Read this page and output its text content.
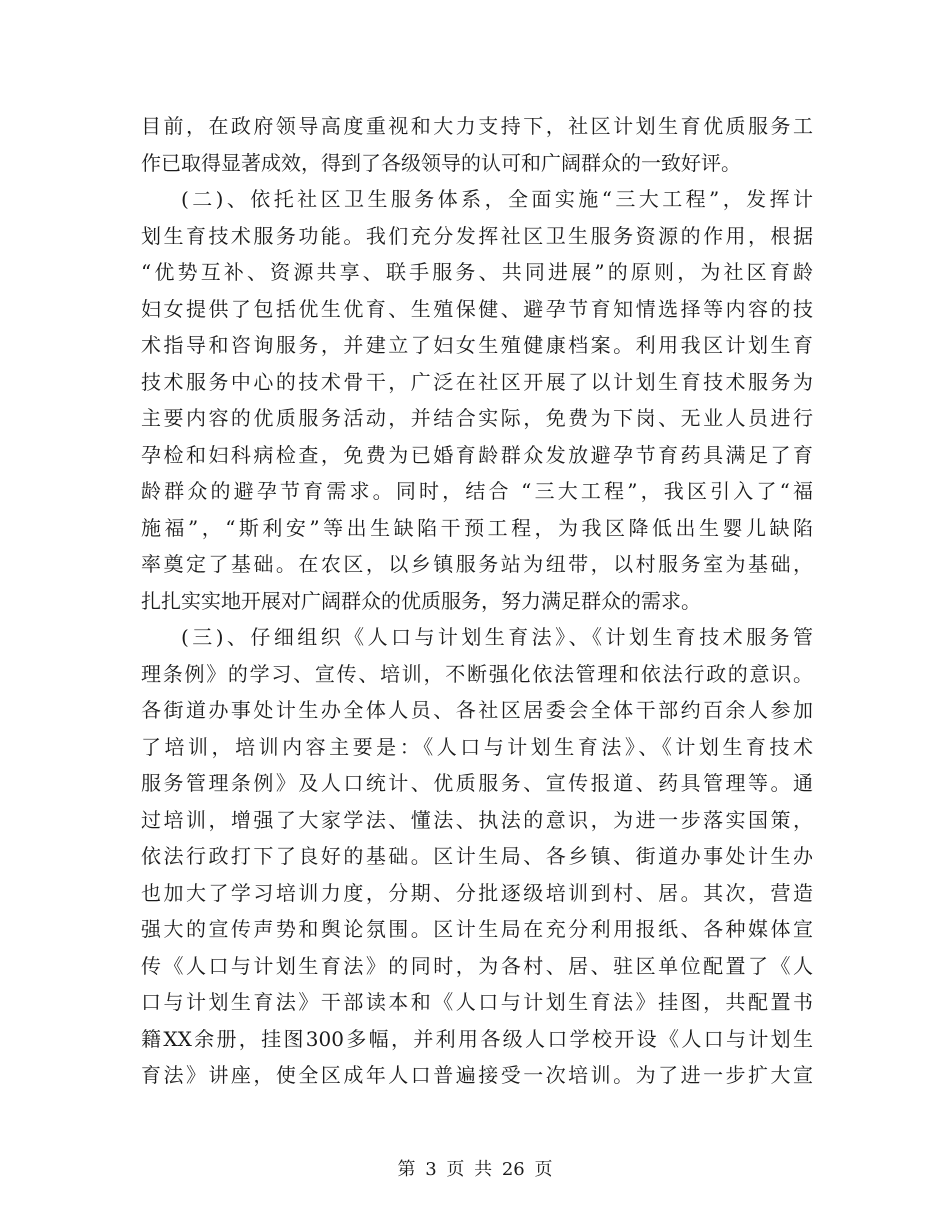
目前，在政府领导高度重视和大力支持下，社区计划生育优质服务工
作已取得显著成效，得到了各级领导的认可和广阔群众的一致好评。
(二)、依托社区卫生服务体系，全面实施“三大工程”，发挥计
划生育技术服务功能。我们充分发挥社区卫生服务资源的作用，根据
“优势互补、资源共享、联手服务、共同进展”的原则，为社区育龄
妇女提供了包括优生优育、生殖保健、避孕节育知情选择等内容的技
术指导和咨询服务，并建立了妇女生殖健康档案。利用我区计划生育
技术服务中心的技术骨干，广泛在社区开展了以计划生育技术服务为
主要内容的优质服务活动，并结合实际，免费为下岗、无业人员进行
孕检和妇科病检查，免费为已婚育龄群众发放避孕节育药具满足了育
龄群众的避孕节育需求。同时，结合 “三大工程”，我区引入了“福
施福”，“斯利安”等出生缺陷干预工程，为我区降低出生婴儿缺陷
率奠定了基础。在农区，以乡镇服务站为纽带，以村服务室为基础，
扎扎实实地开展对广阔群众的优质服务，努力满足群众的需求。
(三)、仔细组织《人口与计划生育法》、《计划生育技术服务管
理条例》的学习、宣传、培训，不断强化依法管理和依法行政的意识。
各街道办事处计生办全体人员、各社区居委会全体干部约百余人参加
了培训，培训内容主要是：《人口与计划生育法》、《计划生育技术
服务管理条例》及人口统计、优质服务、宣传报道、药具管理等。通
过培训，增强了大家学法、懂法、执法的意识，为进一步落实国策，
依法行政打下了良好的基础。区计生局、各乡镇、街道办事处计生办
也加大了学习培训力度，分期、分批逐级培训到村、居。其次，营造
强大的宣传声势和舆论氛围。区计生局在充分利用报纸、各种媒体宣
传《人口与计划生育法》的同时，为各村、居、驻区单位配置了《人
口与计划生育法》干部读本和《人口与计划生育法》挂图，共配置书
籍XX余册，挂图300多幅，并利用各级人口学校开设《人口与计划生
育法》讲座，使全区成年人口普遍接受一次培训。为了进一步扩大宣
第 3 页 共 26 页
